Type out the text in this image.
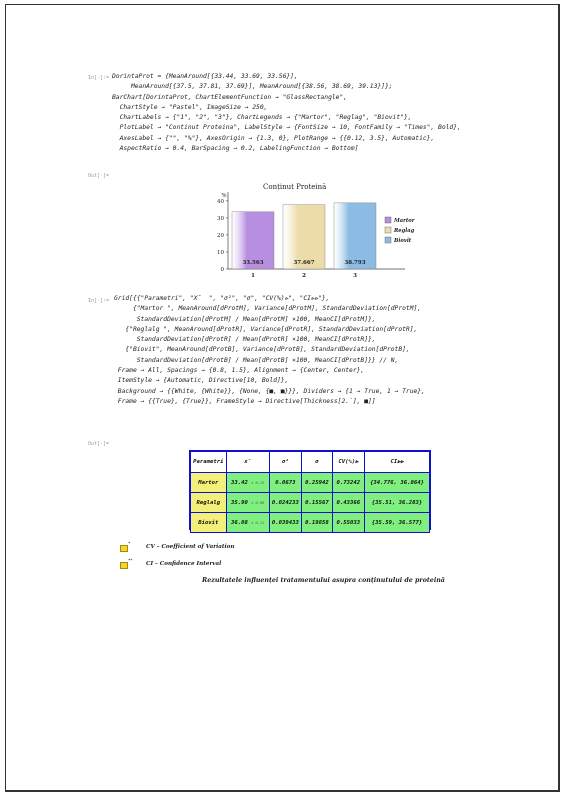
In[·]:= DorintaProt = {MeanAround[{33.44, 33.69, 33.56}],
MeanAround[{37.5, 37.81, 37.69}], MeanAround[{38.56, 38.69, 39.13}]};
BarChart[DorintaProt, ChartElementFunction → "GlassRectangle",
ChartStyle → "Pastel", ImageSize → 250,
ChartLabels → {"1", "2", "3"}, ChartLegends → {"Martor", "Reglag", "Biovit"},
PlotLabel → "Continut Proteina", LabelStyle → {FontSize → 10, FontFamily → "Times", Bold},
AxesLabel → {"", "%"}, AxesOrigin → {1.3, 0}, PlotRange → {{0.12, 3.5}, Automatic},
AspectRatio → 0.4, BarSpacing → 0.2, LabelingFunction → Bottom]
Out[·]=
Conținut Proteină
%
0
10
20
30
40
33.563
1
37.667
2
38.793
3
Martor
Reglag
Biovit
In[·]:= Grid[{{"Parametri", "X̄  ", "σ²", "σ", "CV(%)⩺", "CI⩺⩺"},
{"Martor ", MeanAround[dProtM], Variance[dProtM], StandardDeviation[dProtM],
StandardDeviation[dProtM] / Mean[dProtM] ×100, MeanCI[dProtM]},
{"Reglalg ", MeanAround[dProtR], Variance[dProtR], StandardDeviation[dProtR],
StandardDeviation[dProtR] / Mean[dProtR] ×100, MeanCI[dProtR]},
{"Biovit", MeanAround[dProtB], Variance[dProtB], StandardDeviation[dProtB],
StandardDeviation[dProtB] / Mean[dProtB] ×100, MeanCI[dProtB]}} // N,
Frame → All, Spacings → {0.8, 1.5}, Alignment → {Center, Center},
ItemStyle → {Automatic, Directive[10, Bold]},
Background → {{White, {White}}, {None, {■, ■}}}, Dividers → {1 → True, 1 → True},
Frame → {{True}, {True}}, FrameStyle → Directive[Thickness[2.`], ■]]
Out[·]=
Parametri	x̄	σ²	σ	CV(%)⩺	CI⩺⩺
Martor	33.42 ± 0.15	0.0673	0.25942	0.73242	{34.776, 36.064}
Reglalg	35.90 ± 0.09	0.024233	0.15567	0.43366	{35.51, 36.283}
Biovit	36.08 ± 0.11	0.039433	0.19858	0.55033	{35.59, 36.577}
*	CV – Coefficient of Variation
** CI – Confidence Interval
Rezultatele influenței tratamentului asupra conținutului de proteină
